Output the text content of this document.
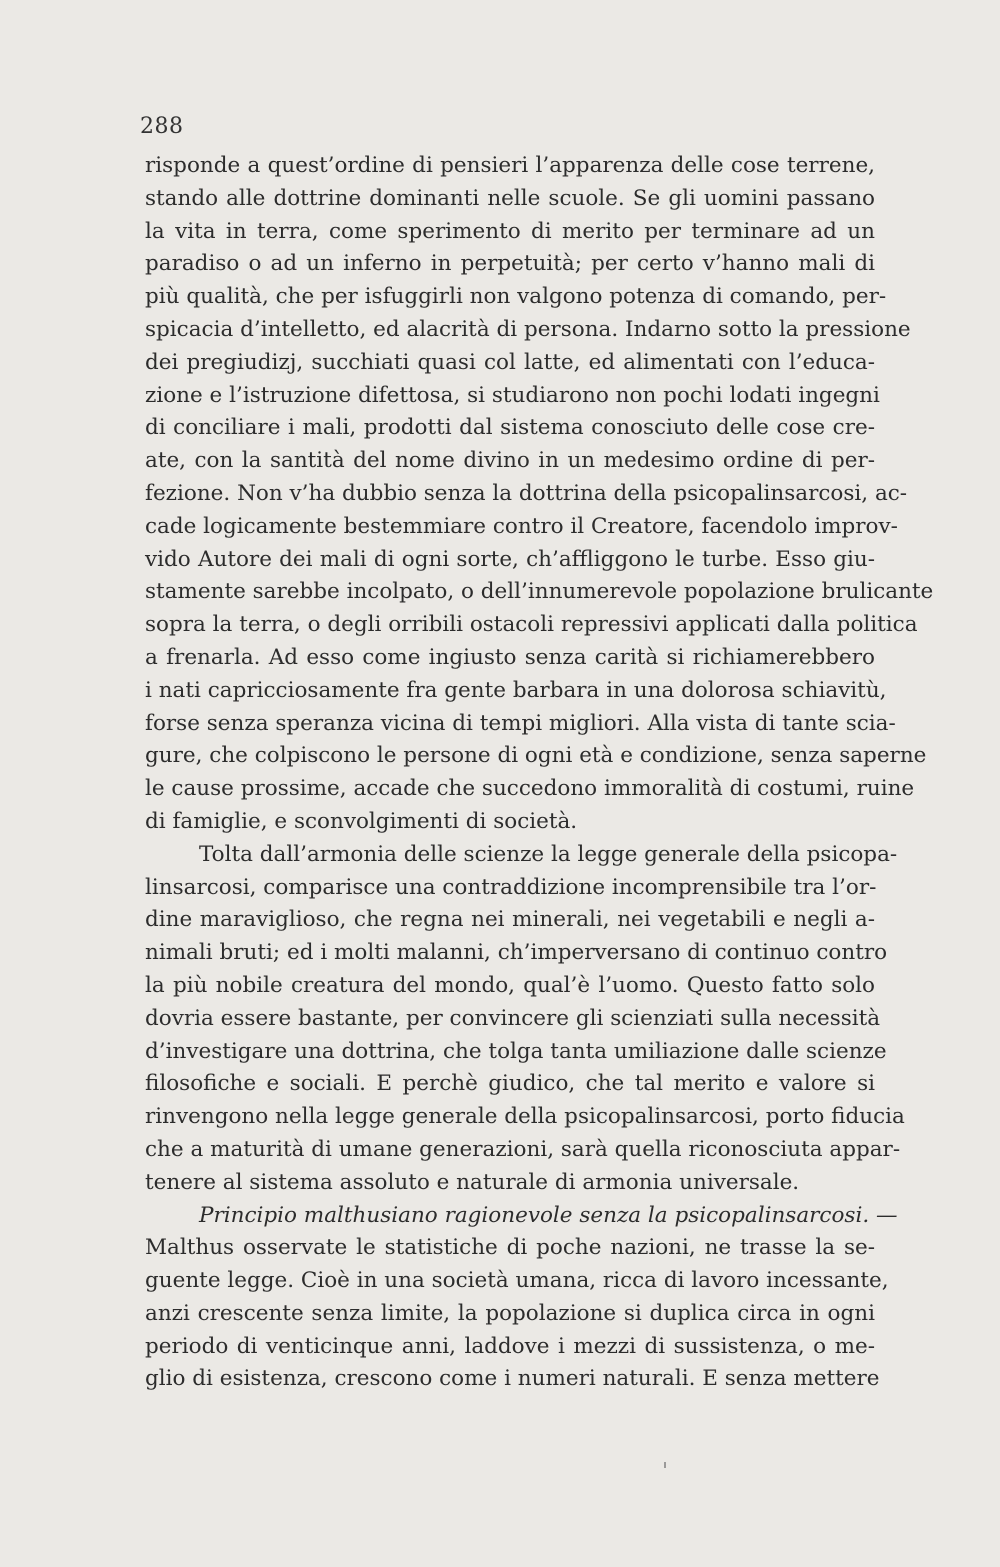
288
risponde a quest’ordine di pensieri l’apparenza delle cose terrene,
stando alle dottrine dominanti nelle scuole. Se gli uomini passano
la vita in terra, come sperimento di merito per terminare ad un
paradiso o ad un inferno in perpetuità; per certo v’hanno mali di
più qualità, che per isfuggirli non valgono potenza di comando, per-
spicacia d’intelletto, ed alacrità di persona. Indarno sotto la pressione
dei pregiudizj, succhiati quasi col latte, ed alimentati con l’educa-
zione e l’istruzione difettosa, si studiarono non pochi lodati ingegni
di conciliare i mali, prodotti dal sistema conosciuto delle cose cre-
ate, con la santità del nome divino in un medesimo ordine di per-
fezione. Non v’ha dubbio senza la dottrina della psicopalinsarcosi, ac-
cade logicamente bestemmiare contro il Creatore, facendolo improv-
vido Autore dei mali di ogni sorte, ch’affliggono le turbe. Esso giu-
stamente sarebbe incolpato, o dell’innumerevole popolazione brulicante
sopra la terra, o degli orribili ostacoli repressivi applicati dalla politica
a frenarla. Ad esso come ingiusto senza carità si richiamerebbero
i nati capricciosamente fra gente barbara in una dolorosa schiavitù,
forse senza speranza vicina di tempi migliori. Alla vista di tante scia-
gure, che colpiscono le persone di ogni età e condizione, senza saperne
le cause prossime, accade che succedono immoralità di costumi, ruine
di famiglie, e sconvolgimenti di società.
Tolta dall’armonia delle scienze la legge generale della psicopa-
linsarcosi, comparisce una contraddizione incomprensibile tra l’or-
dine maraviglioso, che regna nei minerali, nei vegetabili e negli a-
nimali bruti; ed i molti malanni, ch’imperversano di continuo contro
la più nobile creatura del mondo, qual’è l’uomo. Questo fatto solo
dovria essere bastante, per convincere gli scienziati sulla necessità
d’investigare una dottrina, che tolga tanta umiliazione dalle scienze
filosofiche e sociali. E perchè giudico, che tal merito e valore si
rinvengono nella legge generale della psicopalinsarcosi, porto fiducia
che a maturità di umane generazioni, sarà quella riconosciuta appar-
tenere al sistema assoluto e naturale di armonia universale.
Principio malthusiano ragionevole senza la psicopalinsarcosi. —
Malthus osservate le statistiche di poche nazioni, ne trasse la se-
guente legge. Cioè in una società umana, ricca di lavoro incessante,
anzi crescente senza limite, la popolazione si duplica circa in ogni
periodo di venticinque anni, laddove i mezzi di sussistenza, o me-
glio di esistenza, crescono come i numeri naturali. E senza mettere
